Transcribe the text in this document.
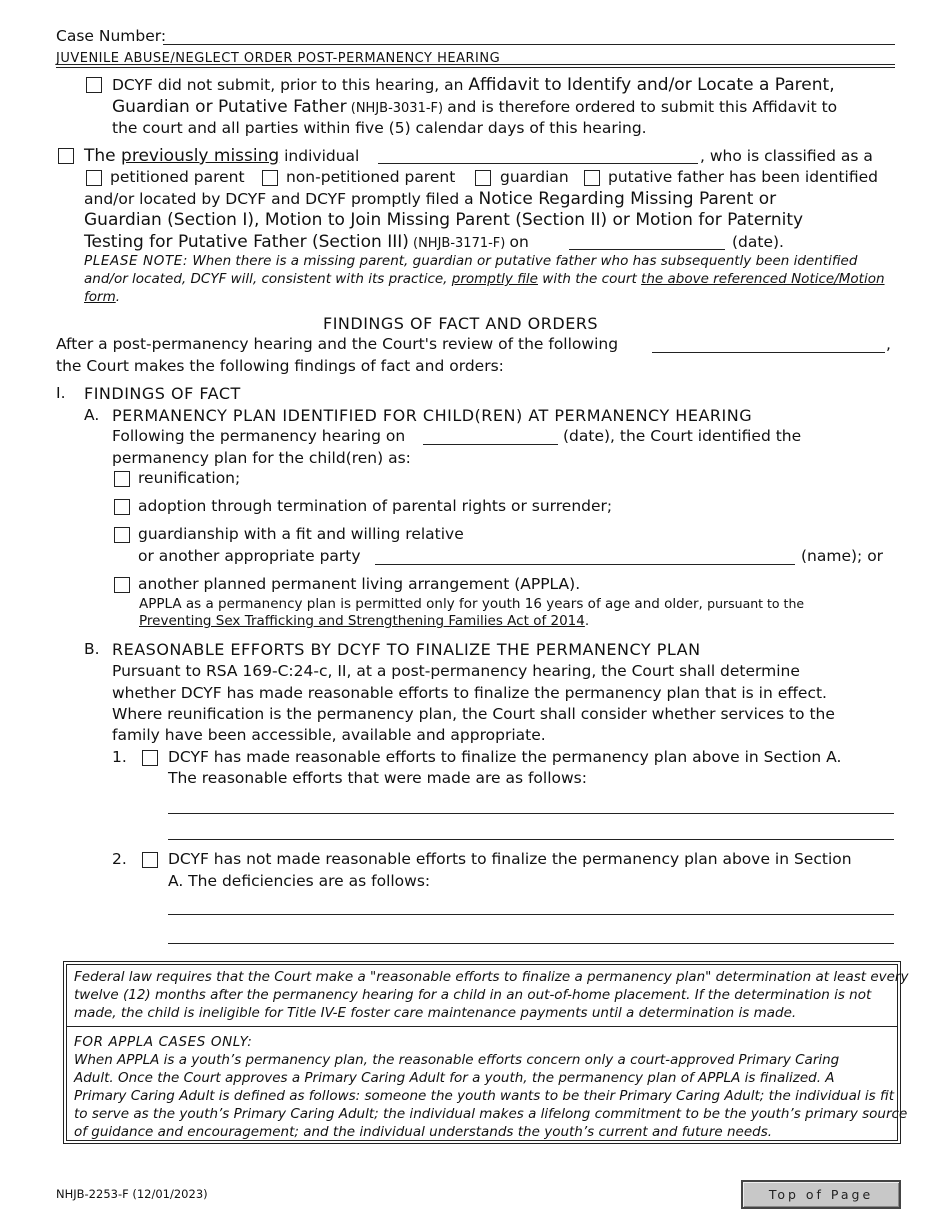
Case Number:
JUVENILE ABUSE/NEGLECT ORDER POST-PERMANENCY HEARING
DCYF did not submit, prior to this hearing, an Affidavit to Identify and/or Locate a Parent,
Guardian or Putative Father (NHJB-3031-F) and is therefore ordered to submit this Affidavit to
the court and all parties within five (5) calendar days of this hearing.
The previously missing individual	, who is classified as a
petitioned parent	non-petitioned parent	guardian	putative father has been identified
and/or located by DCYF and DCYF promptly filed a Notice Regarding Missing Parent or
Guardian (Section I), Motion to Join Missing Parent (Section II) or Motion for Paternity
Testing for Putative Father (Section III) (NHJB-3171-F) on	(date).
PLEASE NOTE: When there is a missing parent, guardian or putative father who has subsequently been identified
and/or located, DCYF will, consistent with its practice, promptly file with the court the above referenced Notice/Motion
form.
FINDINGS OF FACT AND ORDERS
After a post-permanency hearing and the Court's review of the following	,
the Court makes the following findings of fact and orders:
I. FINDINGS OF FACT
A. PERMANENCY PLAN IDENTIFIED FOR CHILD(REN) AT PERMANENCY HEARING
Following the permanency hearing on	(date), the Court identified the
permanency plan for the child(ren) as:
reunification;
adoption through termination of parental rights or surrender;
guardianship with a fit and willing relative
or another appropriate party	(name); or
another planned permanent living arrangement (APPLA).
APPLA as a permanency plan is permitted only for youth 16 years of age and older, pursuant to the
Preventing Sex Trafficking and Strengthening Families Act of 2014.
B. REASONABLE EFFORTS BY DCYF TO FINALIZE THE PERMANENCY PLAN
Pursuant to RSA 169-C:24-c, II, at a post-permanency hearing, the Court shall determine
whether DCYF has made reasonable efforts to finalize the permanency plan that is in effect.
Where reunification is the permanency plan, the Court shall consider whether services to the
family have been accessible, available and appropriate.
1.	DCYF has made reasonable efforts to finalize the permanency plan above in Section A.
The reasonable efforts that were made are as follows:
2.	DCYF has not made reasonable efforts to finalize the permanency plan above in Section
A. The deficiencies are as follows:
Federal law requires that the Court make a "reasonable efforts to finalize a permanency plan" determination at least every
twelve (12) months after the permanency hearing for a child in an out-of-home placement. If the determination is not
made, the child is ineligible for Title IV-E foster care maintenance payments until a determination is made.
FOR APPLA CASES ONLY:
When APPLA is a youth’s permanency plan, the reasonable efforts concern only a court-approved Primary Caring
Adult. Once the Court approves a Primary Caring Adult for a youth, the permanency plan of APPLA is finalized. A
Primary Caring Adult is defined as follows: someone the youth wants to be their Primary Caring Adult; the individual is fit
to serve as the youth’s Primary Caring Adult; the individual makes a lifelong commitment to be the youth’s primary source
of guidance and encouragement; and the individual understands the youth’s current and future needs.
NHJB-2253-F (12/01/2023)	Top of Page
